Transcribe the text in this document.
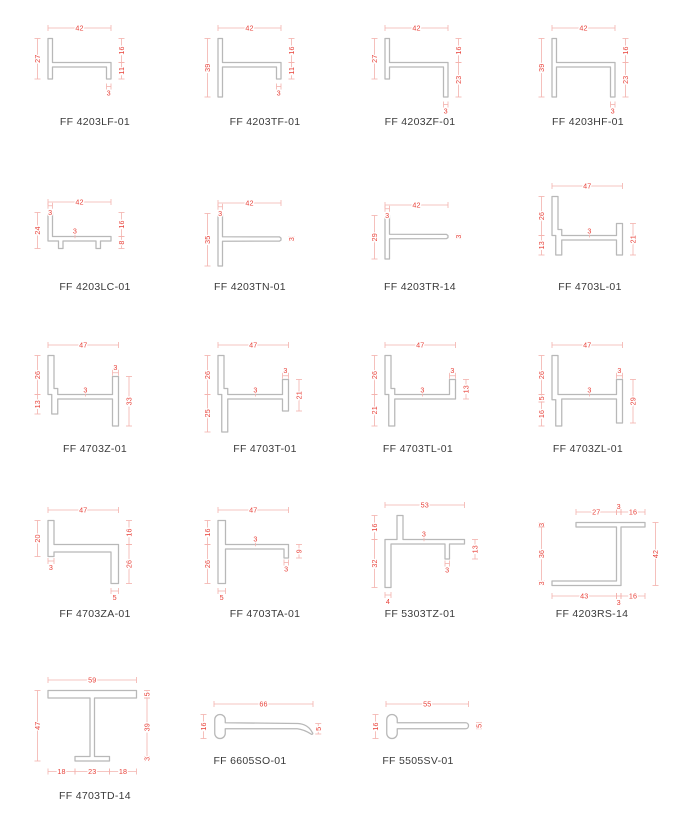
42
27
16
11
3
FF 4203LF-01
42
39
16
11
3
FF 4203TF-01
42
27
16
23
3
FF 4203ZF-01
42
39
16
23
3
FF 4203HF-01
42
3
24
16
8
3
FF 4203LC-01
42
3
35	3
FF 4203TN-01
42
3
29	3
FF 4203TR-14
47
26
13
21
3
FF 4703L-01
47
26
13
3
33
3
FF 4703Z-01
47
26
25
3
21
3
FF 4703T-01
47
26
21
3
13
3
FF 4703TL-01
47
26
5
16
3
29
3
FF 4703ZL-01
47
20
3
16
26
5
FF 4703ZA-01
47
16
26
9
3
5
3
FF 4703TA-01
53
16
32
13
3
4
3
FF 5303TZ-01
27
3
16
3
36
3
42
43
3
16
FF 4203RS-14
59
47
5
39
3
18	23	18
FF 4703TD-14
66
16	5
FF 6605SO-01
55
16	5
FF 5505SV-01
